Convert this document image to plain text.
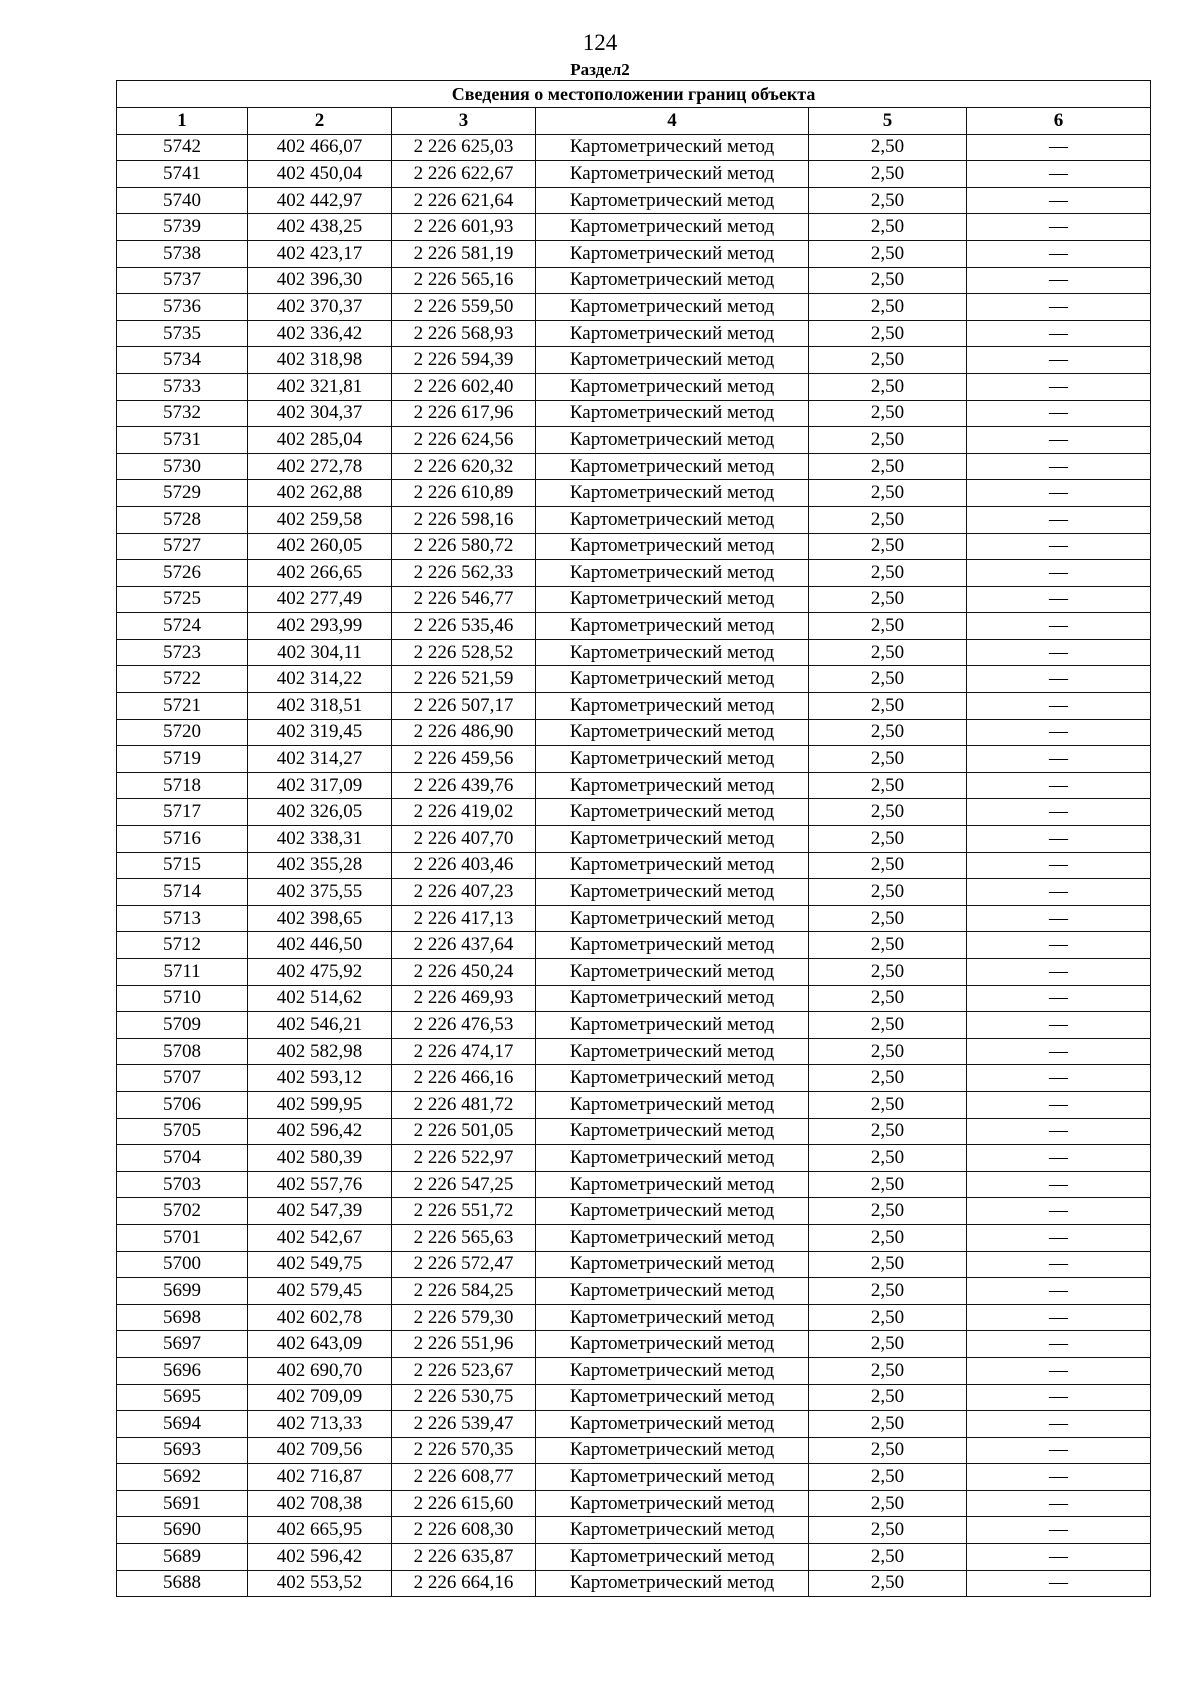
124
Раздел2
Сведения о местоположении границ объекта					
1	2	3	4	5	6
5742	402 466,07	2 226 625,03	Картометрический метод	2,50	—
5741	402 450,04	2 226 622,67	Картометрический метод	2,50	—
5740	402 442,97	2 226 621,64	Картометрический метод	2,50	—
5739	402 438,25	2 226 601,93	Картометрический метод	2,50	—
5738	402 423,17	2 226 581,19	Картометрический метод	2,50	—
5737	402 396,30	2 226 565,16	Картометрический метод	2,50	—
5736	402 370,37	2 226 559,50	Картометрический метод	2,50	—
5735	402 336,42	2 226 568,93	Картометрический метод	2,50	—
5734	402 318,98	2 226 594,39	Картометрический метод	2,50	—
5733	402 321,81	2 226 602,40	Картометрический метод	2,50	—
5732	402 304,37	2 226 617,96	Картометрический метод	2,50	—
5731	402 285,04	2 226 624,56	Картометрический метод	2,50	—
5730	402 272,78	2 226 620,32	Картометрический метод	2,50	—
5729	402 262,88	2 226 610,89	Картометрический метод	2,50	—
5728	402 259,58	2 226 598,16	Картометрический метод	2,50	—
5727	402 260,05	2 226 580,72	Картометрический метод	2,50	—
5726	402 266,65	2 226 562,33	Картометрический метод	2,50	—
5725	402 277,49	2 226 546,77	Картометрический метод	2,50	—
5724	402 293,99	2 226 535,46	Картометрический метод	2,50	—
5723	402 304,11	2 226 528,52	Картометрический метод	2,50	—
5722	402 314,22	2 226 521,59	Картометрический метод	2,50	—
5721	402 318,51	2 226 507,17	Картометрический метод	2,50	—
5720	402 319,45	2 226 486,90	Картометрический метод	2,50	—
5719	402 314,27	2 226 459,56	Картометрический метод	2,50	—
5718	402 317,09	2 226 439,76	Картометрический метод	2,50	—
5717	402 326,05	2 226 419,02	Картометрический метод	2,50	—
5716	402 338,31	2 226 407,70	Картометрический метод	2,50	—
5715	402 355,28	2 226 403,46	Картометрический метод	2,50	—
5714	402 375,55	2 226 407,23	Картометрический метод	2,50	—
5713	402 398,65	2 226 417,13	Картометрический метод	2,50	—
5712	402 446,50	2 226 437,64	Картометрический метод	2,50	—
5711	402 475,92	2 226 450,24	Картометрический метод	2,50	—
5710	402 514,62	2 226 469,93	Картометрический метод	2,50	—
5709	402 546,21	2 226 476,53	Картометрический метод	2,50	—
5708	402 582,98	2 226 474,17	Картометрический метод	2,50	—
5707	402 593,12	2 226 466,16	Картометрический метод	2,50	—
5706	402 599,95	2 226 481,72	Картометрический метод	2,50	—
5705	402 596,42	2 226 501,05	Картометрический метод	2,50	—
5704	402 580,39	2 226 522,97	Картометрический метод	2,50	—
5703	402 557,76	2 226 547,25	Картометрический метод	2,50	—
5702	402 547,39	2 226 551,72	Картометрический метод	2,50	—
5701	402 542,67	2 226 565,63	Картометрический метод	2,50	—
5700	402 549,75	2 226 572,47	Картометрический метод	2,50	—
5699	402 579,45	2 226 584,25	Картометрический метод	2,50	—
5698	402 602,78	2 226 579,30	Картометрический метод	2,50	—
5697	402 643,09	2 226 551,96	Картометрический метод	2,50	—
5696	402 690,70	2 226 523,67	Картометрический метод	2,50	—
5695	402 709,09	2 226 530,75	Картометрический метод	2,50	—
5694	402 713,33	2 226 539,47	Картометрический метод	2,50	—
5693	402 709,56	2 226 570,35	Картометрический метод	2,50	—
5692	402 716,87	2 226 608,77	Картометрический метод	2,50	—
5691	402 708,38	2 226 615,60	Картометрический метод	2,50	—
5690	402 665,95	2 226 608,30	Картометрический метод	2,50	—
5689	402 596,42	2 226 635,87	Картометрический метод	2,50	—
5688	402 553,52	2 226 664,16	Картометрический метод	2,50	—
